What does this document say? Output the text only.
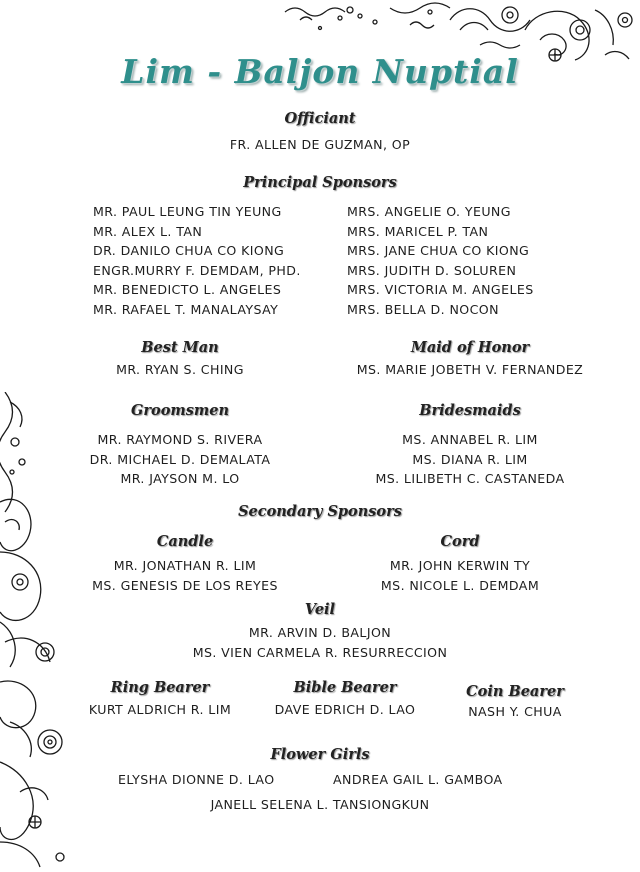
Lim - Baljon Nuptial
Officiant
FR. ALLEN DE GUZMAN, OP
Principal Sponsors
MR. PAUL LEUNG TIN YEUNG
MR. ALEX L. TAN
DR. DANILO CHUA CO KIONG
ENGR.MURRY F. DEMDAM, PHD.
MR. BENEDICTO L. ANGELES
MR. RAFAEL T. MANALAYSAY
MRS. ANGELIE O. YEUNG
MRS. MARICEL P. TAN
MRS. JANE CHUA CO KIONG
MRS. JUDITH D. SOLUREN
MRS. VICTORIA M. ANGELES
MRS. BELLA D. NOCON
Best Man
MR. RYAN S. CHING
Maid of Honor
MS. MARIE JOBETH V. FERNANDEZ
Groomsmen
MR. RAYMOND S. RIVERA
DR. MICHAEL D. DEMALATA
MR. JAYSON M. LO
Bridesmaids
MS. ANNABEL R. LIM
MS. DIANA R. LIM
MS. LILIBETH C. CASTANEDA
Secondary Sponsors
Candle
MR. JONATHAN R. LIM
MS. GENESIS DE LOS REYES
Cord
MR. JOHN KERWIN TY
MS. NICOLE L. DEMDAM
Veil
MR. ARVIN D. BALJON
MS. VIEN CARMELA R. RESURRECCION
Ring Bearer
KURT ALDRICH R. LIM
Bible Bearer
DAVE EDRICH D. LAO
Coin Bearer
NASH Y. CHUA
Flower Girls
ELYSHA DIONNE D. LAO	ANDREA GAIL L. GAMBOA
JANELL SELENA L. TANSIONGKUN
